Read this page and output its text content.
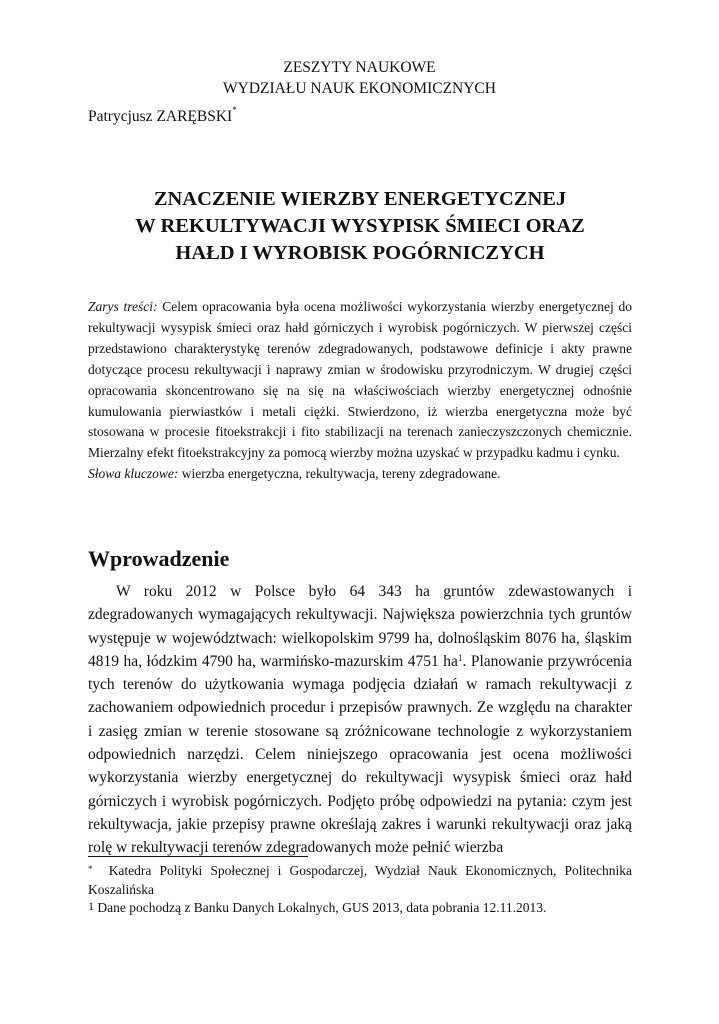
ZESZYTY NAUKOWE
WYDZIAŁU NAUK EKONOMICZNYCH
Patrycjusz ZARĘBSKI*
ZNACZENIE WIERZBY ENERGETYCZNEJ
W REKULTYWACJI WYSYPISK ŚMIECI ORAZ
HAŁD I WYROBISK POGÓRNICZYCH

Zarys treści: Celem opracowania była ocena możliwości wykorzystania wierzby energetycznej do rekultywacji wysypisk śmieci oraz hałd górniczych i wyrobisk pogórniczych. W pierwszej części przedstawiono charakterystykę terenów zdegradowanych, podstawowe definicje i akty prawne dotyczące procesu rekultywacji i naprawy zmian w środowisku przyrodniczym. W drugiej części opracowania skoncentrowano się na się na właściwościach wierzby energetycznej odnośnie kumulowania pierwiastków i metali ciężki. Stwierdzono, iż wierzba energetyczna może być stosowana w procesie fitoekstrakcji i fito stabilizacji na terenach zanieczyszczonych chemicznie. Mierzalny efekt fitoekstrakcyjny za pomocą wierzby można uzyskać w przypadku kadmu i cynku.

Słowa kluczowe: wierzba energetyczna, rekultywacja, tereny zdegradowane.

Wprowadzenie

W roku 2012 w Polsce było 64 343 ha gruntów zdewastowanych i zdegradowanych wymagających rekultywacji. Największa powierzchnia tych gruntów występuje w województwach: wielkopolskim 9799 ha, dolnośląskim 8076 ha, śląskim 4819 ha, łódzkim 4790 ha, warmińsko-mazurskim 4751 $ha^1$. Planowanie przywrócenia tych terenów do użytkowania wymaga podjęcia działań w ramach rekultywacji z zachowaniem odpowiednich procedur i przepisów prawnych. Ze względu na charakter i zasięg zmian w terenie stosowane są zróżnicowane technologie z wykorzystaniem odpowiednich narzędzi. Celem niniejszego opracowania jest ocena możliwości wykorzystania wierzby energetycznej do rekultywacji wysypisk śmieci oraz hałd górniczych i wyrobisk pogórniczych. Podjęto próbę odpowiedzi na pytania: czym jest rekultywacja, jakie przepisy prawne określają zakres i warunki rekultywacji oraz jaką rolę w rekultywacji terenów zdegradowanych może pełnić wierzba

* Katedra Polityki Społecznej i Gospodarczej, Wydział Nauk Ekonomicznych, Politechnika Koszalińska

$^1$ Dane pochodzą z Banku Danych Lokalnych, GUS 2013, data pobrania 12.11.2013.
